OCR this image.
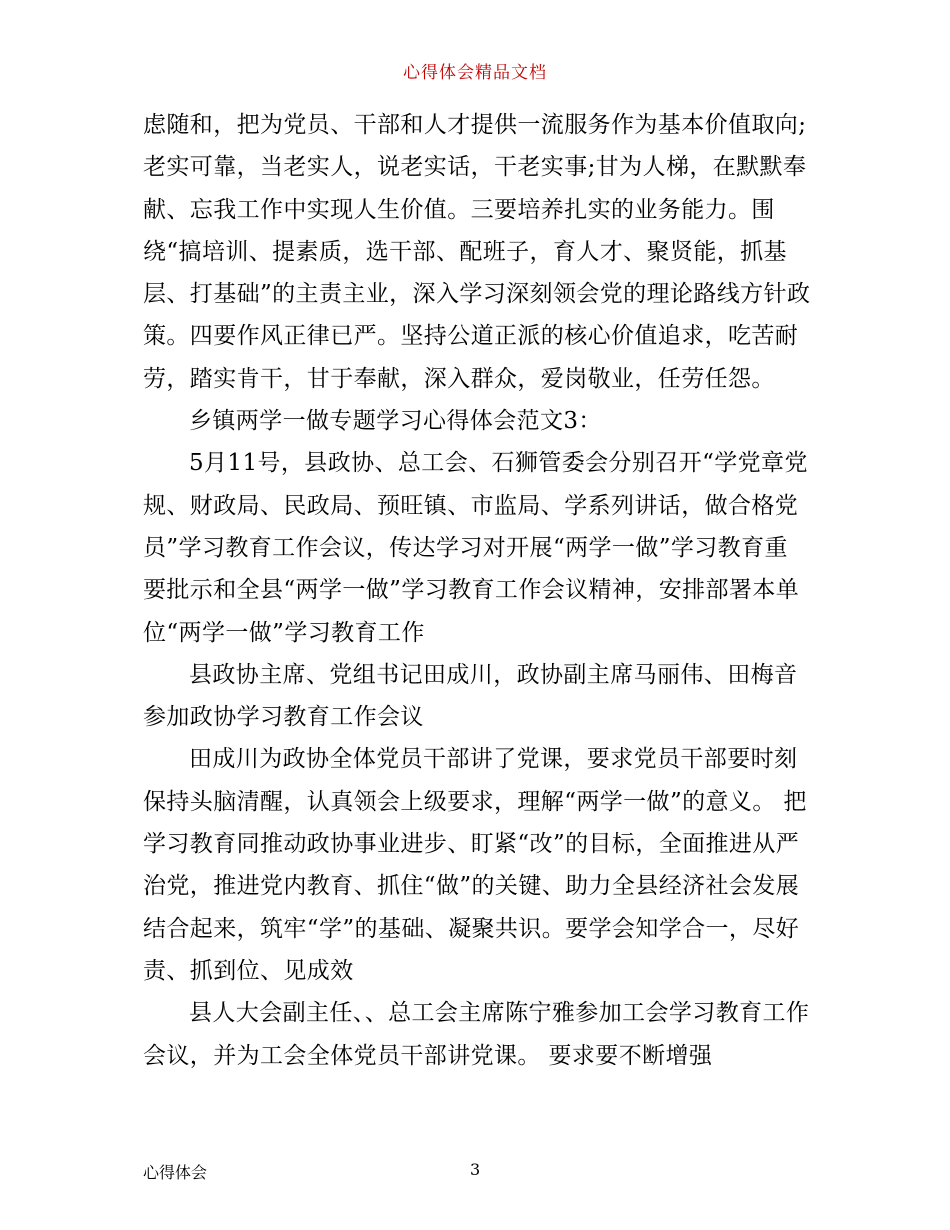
心得体会精品文档

虑随和，把为党员、干部和人才提供一流服务作为基本价值取向;老实可靠，当老实人，说老实话，干老实事;甘为人梯，在默默奉献、忘我工作中实现人生价值。三要培养扎实的业务能力。围绕“搞培训、提素质，选干部、配班子，育人才、聚贤能，抓基层、打基础”的主责主业，深入学习深刻领会党的理论路线方针政策。四要作风正律已严。坚持公道正派的核心价值追求，吃苦耐劳，踏实肯干，甘于奉献，深入群众，爱岗敬业，任劳任怨。

乡镇两学一做专题学习心得体会范文3：

5月11号，县政协、总工会、石狮管委会分别召开“学党章党规、财政局、民政局、预旺镇、市监局、学系列讲话，做合格党员”学习教育工作会议，传达学习对开展“两学一做”学习教育重要批示和全县“两学一做”学习教育工作会议精神，安排部署本单位“两学一做”学习教育工作

县政协主席、党组书记田成川，政协副主席马丽伟、田梅音参加政协学习教育工作会议

田成川为政协全体党员干部讲了党课，要求党员干部要时刻保持头脑清醒，认真领会上级要求，理解“两学一做”的意义。 把学习教育同推动政协事业进步、盯紧“改”的目标，全面推进从严治党，推进党内教育、抓住“做”的关键、助力全县经济社会发展结合起来，筑牢“学”的基础、凝聚共识。要学会知学合一，尽好责、抓到位、见成效

县人大会副主任、、总工会主席陈宁雅参加工会学习教育工作会议，并为工会全体党员干部讲党课。 要求要不断增强

心得体会	3
